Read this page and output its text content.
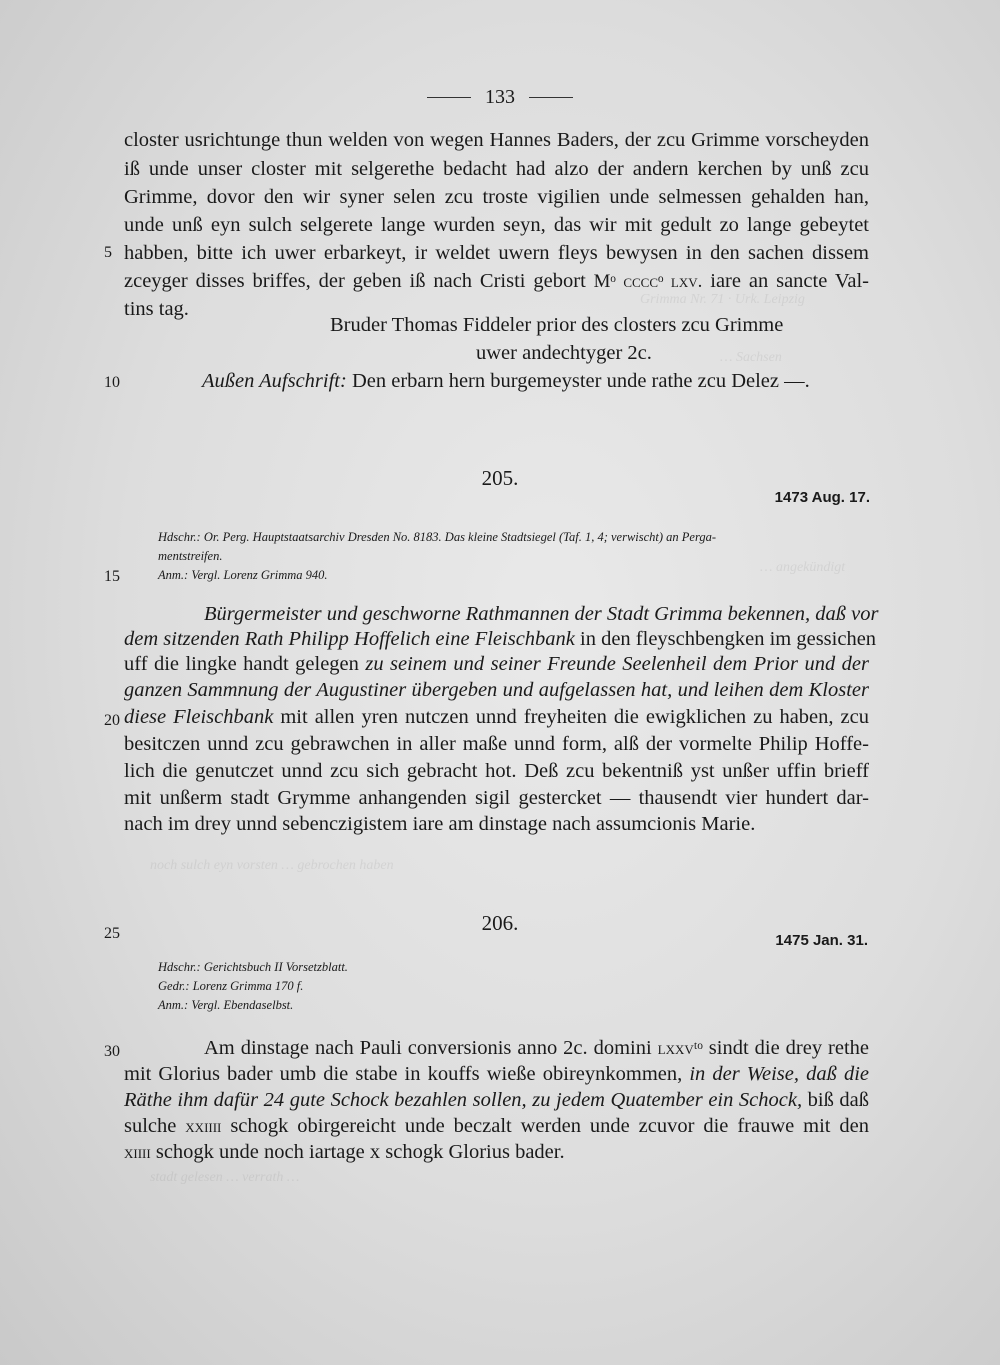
Grimma Nr. 71 · Urk. Leipzig
… Sachsen
… angekündigt
noch sulch eyn vorsten … gebrochen haben
stadt gelesen … verrath …
133
closter usrichtunge thun welden von wegen Hannes Baders, der zcu Grimme vorscheyden
iß unde unser closter mit selgerethe bedacht had alzo der andern kerchen by unß zcu
Grimme, dovor den wir syner selen zcu troste vigilien unde selmessen gehalden han,
unde unß eyn sulch selgerete lange wurden seyn, das wir mit gedult zo lange gebeytet
habben, bitte ich uwer erbarkeyt, ir weldet uwern fleys bewysen in den sachen dissem
zceyger disses briffes, der geben iß nach Cristi gebort Mᵒ ccccᵒ lxv. iare an sancte Val-
tins tag.
5
Bruder Thomas Fiddeler prior des closters zcu Grimme
uwer andechtyger 2c.
10	Außen Aufschrift: Den erbarn hern burgemeyster unde rathe zcu Delez —.
205.
1473 Aug. 17.
Hdschr.: Or. Perg. Hauptstaatsarchiv Dresden No. 8183. Das kleine Stadtsiegel (Taf. 1, 4; verwischt) an Perga-
mentstreifen.
15	Anm.: Vergl. Lorenz Grimma 940.
Bürgermeister und geschworne Rathmannen der Stadt Grimma bekennen, daß vor
dem sitzenden Rath Philipp Hoffelich eine Fleischbank in den fleyschbengken im gessichen
uff die lingke handt gelegen zu seinem und seiner Freunde Seelenheil dem Prior und der
ganzen Sammnung der Augustiner übergeben und aufgelassen hat, und leihen dem Kloster
20 diese Fleischbank mit allen yren nutczen unnd freyheiten die ewigklichen zu haben, zcu
besitczen unnd zcu gebrawchen in aller maße unnd form, alß der vormelte Philip Hoffe-
lich die genutczet unnd zcu sich gebracht hot. Deß zcu bekentniß yst unßer uffin brieff
mit unßerm stadt Grymme anhangenden sigil gestercket — thausendt vier hundert dar-
nach im drey unnd sebenczigistem iare am dinstage nach assumcionis Marie.
25	206.
1475 Jan. 31.
Hdschr.: Gerichtsbuch II Vorsetzblatt.
Gedr.: Lorenz Grimma 170 f.
Anm.: Vergl. Ebendaselbst.
30	Am dinstage nach Pauli conversionis anno 2c. domini lxxvᵗᵒ sindt die drey rethe
mit Glorius bader umb die stabe in kouffs wieße obireynkommen, in der Weise, daß die
Räthe ihm dafür 24 gute Schock bezahlen sollen, zu jedem Quatember ein Schock, biß daß
sulche xxiiii schogk obirgereicht unde beczalt werden unde zcuvor die frauwe mit den
xiiii schogk unde noch iartage x schogk Glorius bader.
